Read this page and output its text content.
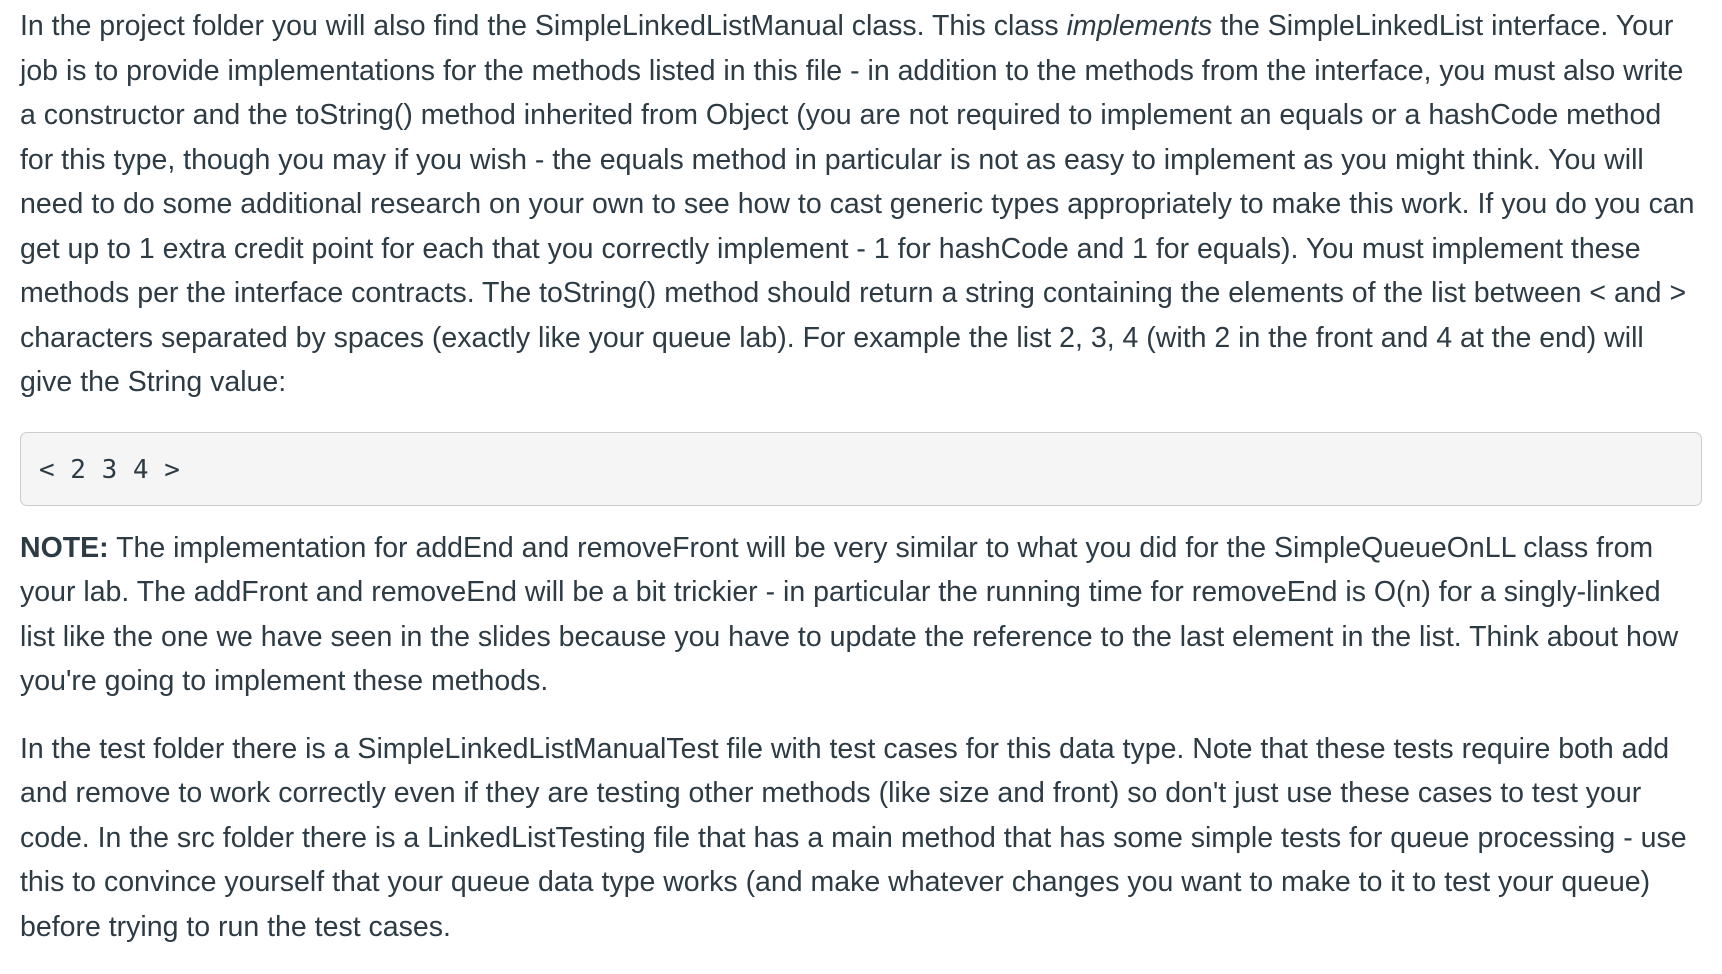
In the project folder you will also find the SimpleLinkedListManual class. This class implements the SimpleLinkedList interface. Your job is to provide implementations for the methods listed in this file - in addition to the methods from the interface, you must also write a constructor and the toString() method inherited from Object (you are not required to implement an equals or a hashCode method for this type, though you may if you wish - the equals method in particular is not as easy to implement as you might think. You will need to do some additional research on your own to see how to cast generic types appropriately to make this work. If you do you can get up to 1 extra credit point for each that you correctly implement - 1 for hashCode and 1 for equals). You must implement these methods per the interface contracts. The toString() method should return a string containing the elements of the list between < and > characters separated by spaces (exactly like your queue lab). For example the list 2, 3, 4 (with 2 in the front and 4 at the end) will give the String value:

< 2 3 4 >

NOTE: The implementation for addEnd and removeFront will be very similar to what you did for the SimpleQueueOnLL class from your lab. The addFront and removeEnd will be a bit trickier - in particular the running time for removeEnd is O(n) for a singly-linked list like the one we have seen in the slides because you have to update the reference to the last element in the list. Think about how you're going to implement these methods.

In the test folder there is a SimpleLinkedListManualTest file with test cases for this data type. Note that these tests require both add and remove to work correctly even if they are testing other methods (like size and front) so don't just use these cases to test your code. In the src folder there is a LinkedListTesting file that has a main method that has some simple tests for queue processing - use this to convince yourself that your queue data type works (and make whatever changes you want to make to it to test your queue) before trying to run the test cases.
